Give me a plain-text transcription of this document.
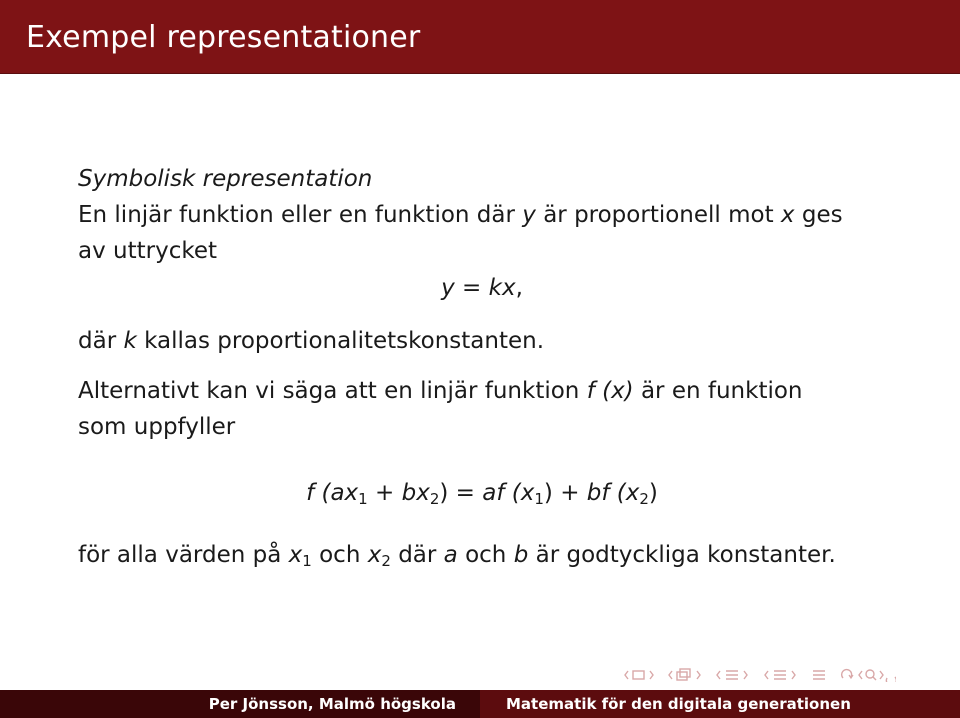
Exempel representationer
Symbolisk representation
En linjär funktion eller en funktion där y är proportionell mot x ges
av uttrycket
y = kx,
där k kallas proportionalitetskonstanten.
Alternativt kan vi säga att en linjär funktion f (x) är en funktion
som uppfyller
f $(ax_1 + bx_2)$ = af $(x_1)$ + bf $(x_2)$
för alla värden på $x_1$ och $x_2$ där a och b är godtyckliga konstanter.
Per Jönsson, Malmö högskola	Matematik för den digitala generationen
